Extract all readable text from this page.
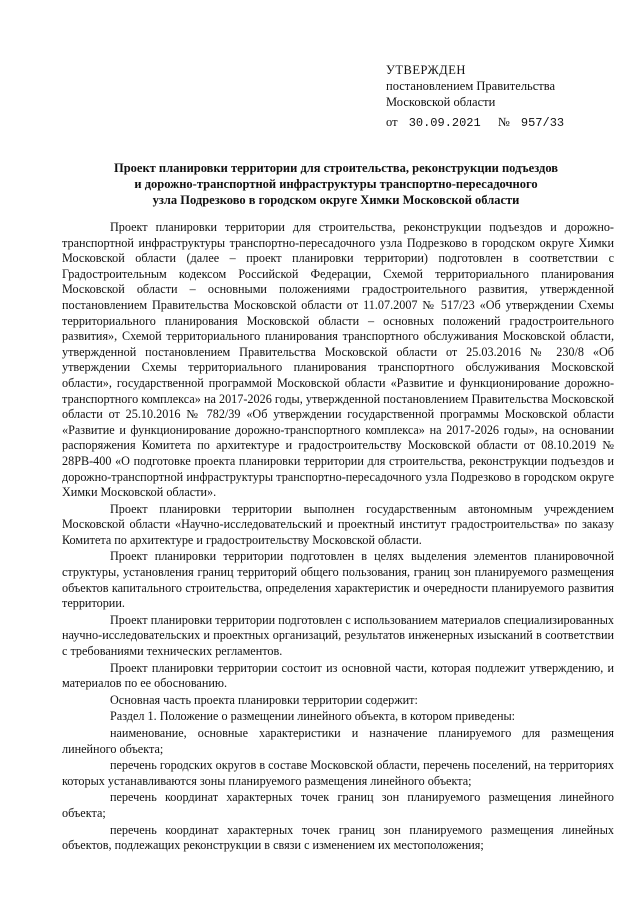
УТВЕРЖДЕН
постановлением Правительства
Московской области
от 30.09.2021 № 957/33
Проект планировки территории для строительства, реконструкции подъездов
и дорожно-транспортной инфраструктуры транспортно-пересадочного
узла Подрезково в городском округе Химки Московской области

Проект планировки территории для строительства, реконструкции подъездов и дорожно-транспортной инфраструктуры транспортно-пересадочного узла Подрезково в городском округе Химки Московской области (далее – проект планировки территории) подготовлен в соответствии с Градостроительным кодексом Российской Федерации, Схемой территориального планирования Московской области – основными положениями градостроительного развития, утвержденной постановлением Правительства Московской области от 11.07.2007 № 517/23 «Об утверждении Схемы территориального планирования Московской области – основных положений градостроительного развития», Схемой территориального планирования транспортного обслуживания Московской области, утвержденной постановлением Правительства Московской области от 25.03.2016 № 230/8 «Об утверждении Схемы территориального планирования транспортного обслуживания Московской области», государственной программой Московской области «Развитие и функционирование дорожно-транспортного комплекса» на 2017-2026 годы, утвержденной постановлением Правительства Московской области от 25.10.2016 № 782/39 «Об утверждении государственной программы Московской области «Развитие и функционирование дорожно-транспортного комплекса» на 2017-2026 годы», на основании распоряжения Комитета по архитектуре и градостроительству Московской области от 08.10.2019 № 28РВ-400 «О подготовке проекта планировки территории для строительства, реконструкции подъездов и дорожно-транспортной инфраструктуры транспортно-пересадочного узла Подрезково в городском округе Химки Московской области».

Проект планировки территории выполнен государственным автономным учреждением Московской области «Научно-исследовательский и проектный институт градостроительства» по заказу Комитета по архитектуре и градостроительству Московской области.

Проект планировки территории подготовлен в целях выделения элементов планировочной структуры, установления границ территорий общего пользования, границ зон планируемого размещения объектов капитального строительства, определения характеристик и очередности планируемого развития территории.

Проект планировки территории подготовлен с использованием материалов специализированных научно-исследовательских и проектных организаций, результатов инженерных изысканий в соответствии с требованиями технических регламентов.

Проект планировки территории состоит из основной части, которая подлежит утверждению, и материалов по ее обоснованию.

Основная часть проекта планировки территории содержит:

Раздел 1. Положение о размещении линейного объекта, в котором приведены:

наименование, основные характеристики и назначение планируемого для размещения линейного объекта;

перечень городских округов в составе Московской области, перечень поселений, на территориях которых устанавливаются зоны планируемого размещения линейного объекта;

перечень координат характерных точек границ зон планируемого размещения линейного объекта;

перечень координат характерных точек границ зон планируемого размещения линейных объектов, подлежащих реконструкции в связи с изменением их местоположения;
